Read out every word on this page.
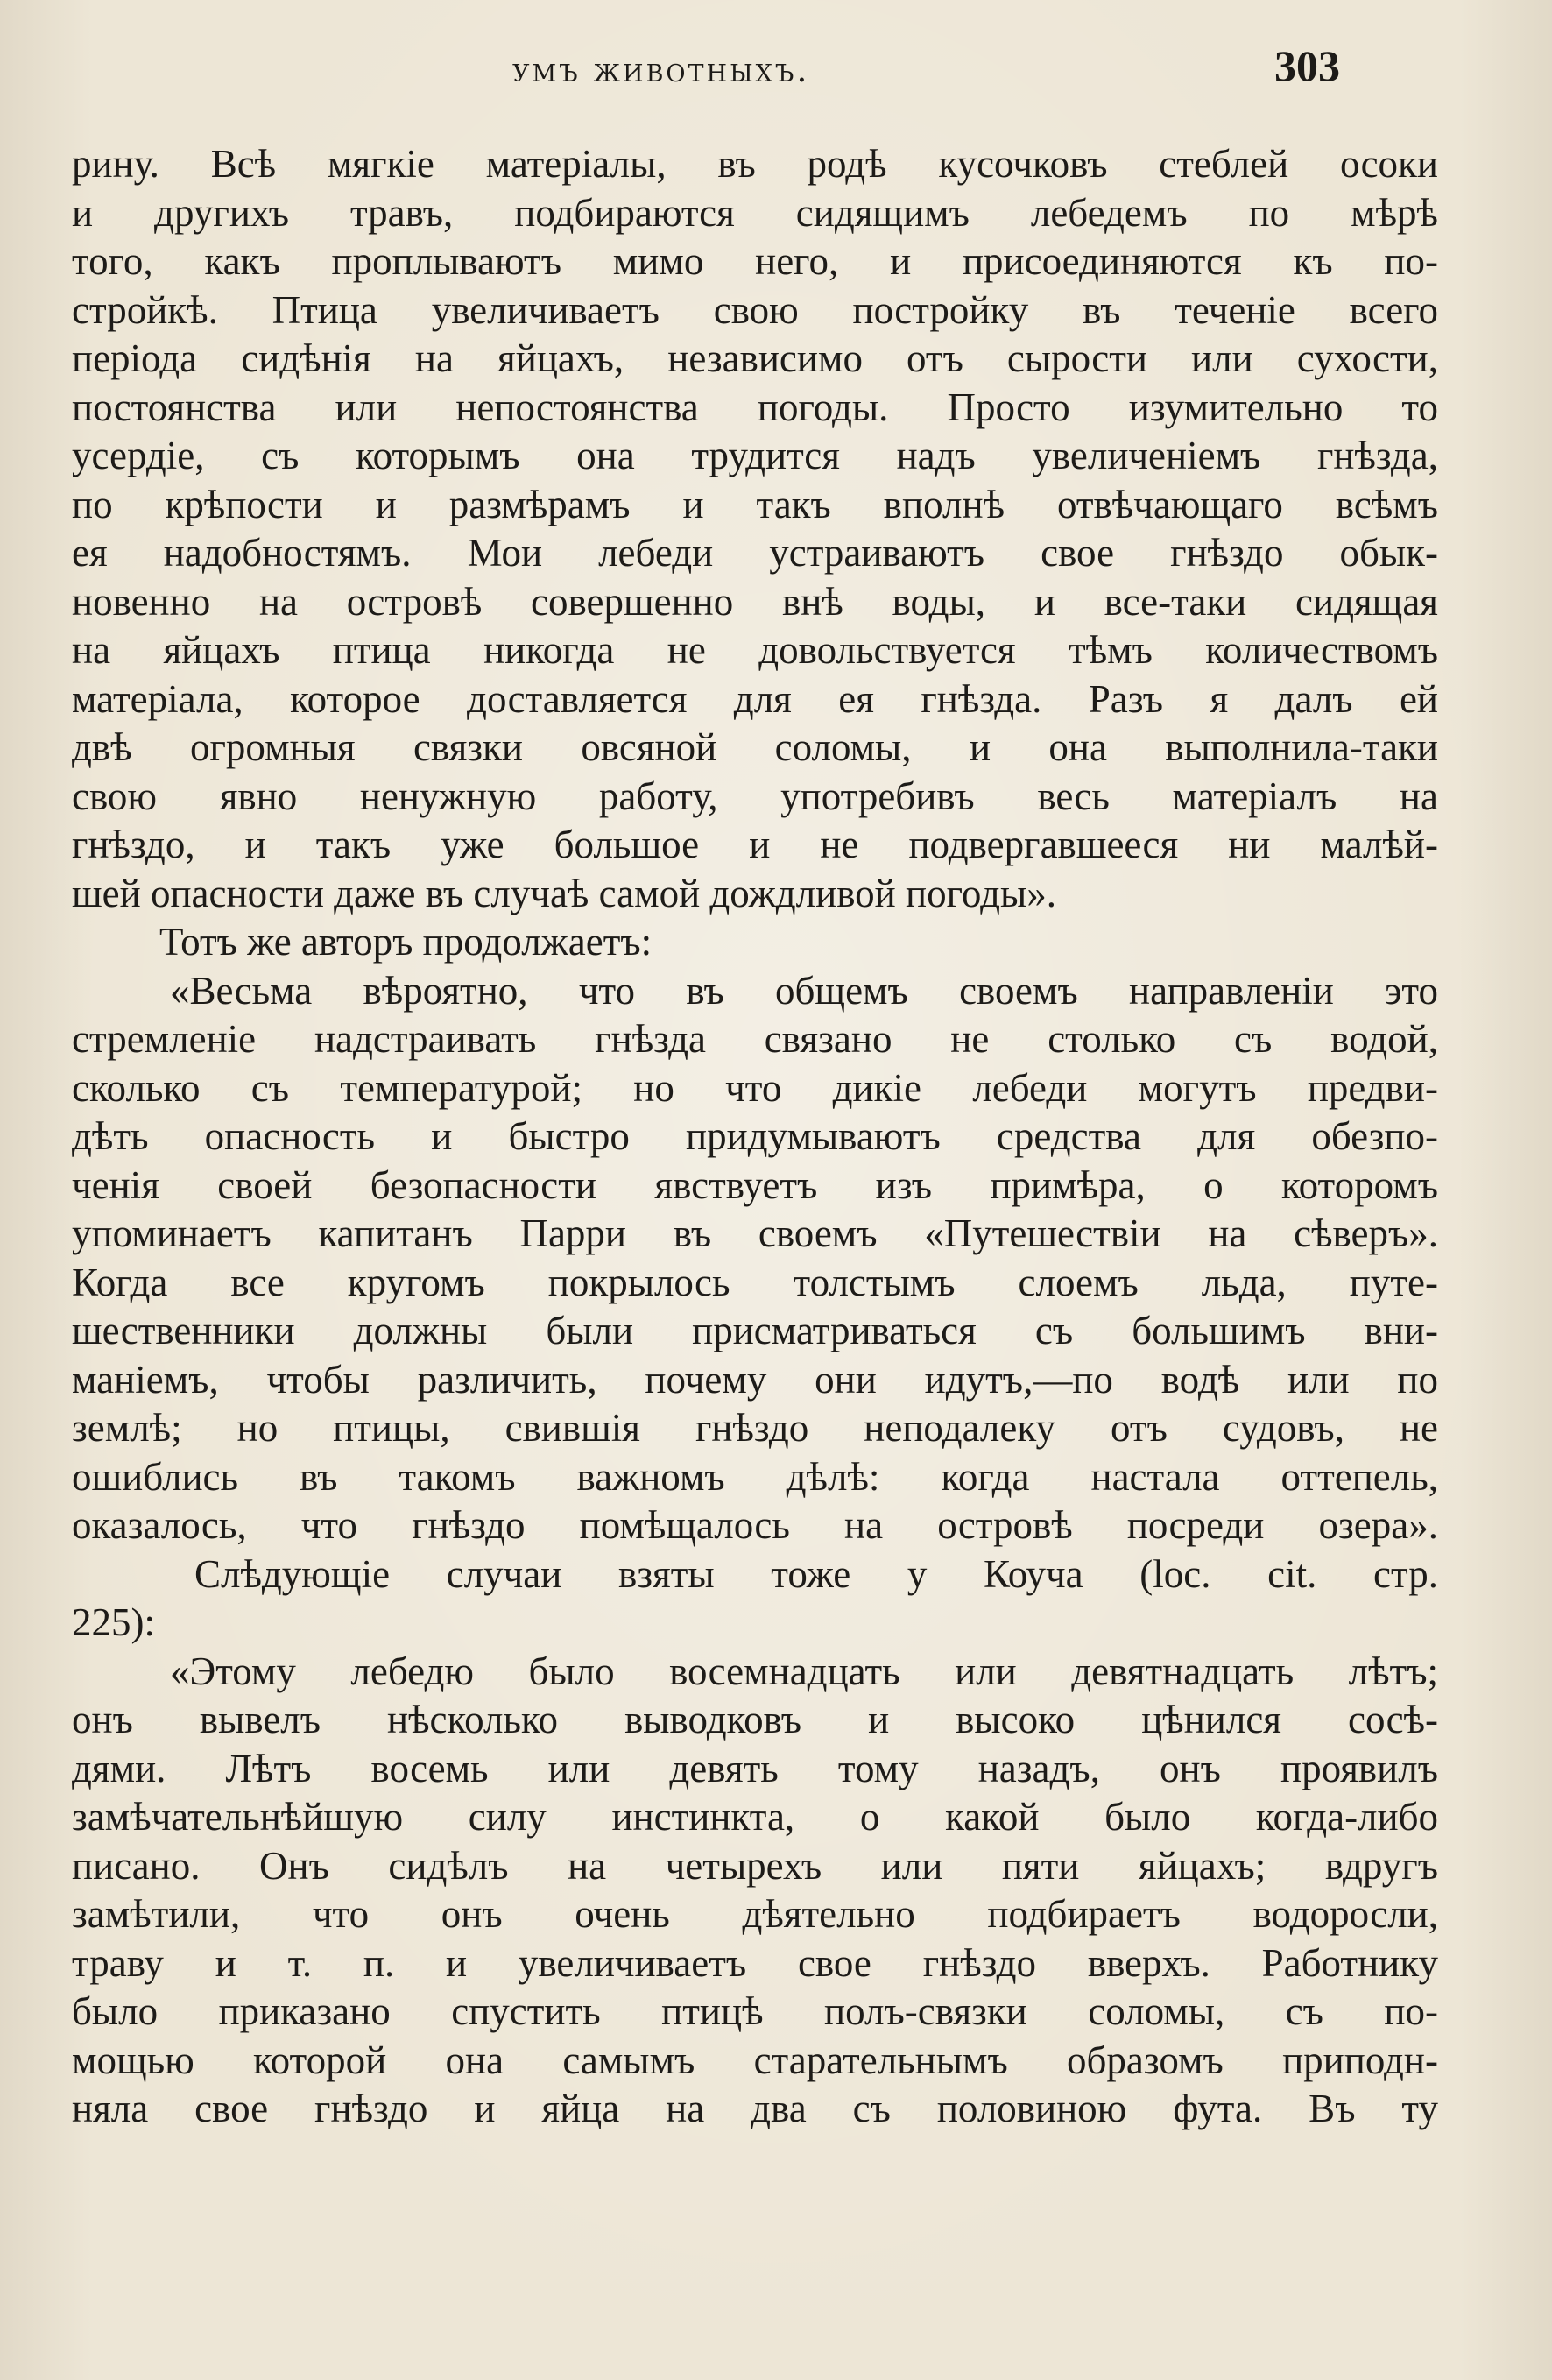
умъ животныхъ.	303
рину. Всѣ мягкіе матеріалы, въ родѣ кусочковъ стеблей осоки
и другихъ травъ, подбираются сидящимъ лебедемъ по мѣрѣ
того, какъ проплываютъ мимо него, и присоединяются къ по-
стройкѣ. Птица увеличиваетъ свою постройку въ теченіе всего
періода сидѣнія на яйцахъ, независимо отъ сырости или сухости,
постоянства или непостоянства погоды. Просто изумительно то
усердіе, съ которымъ она трудится надъ увеличеніемъ гнѣзда,
по крѣпости и размѣрамъ и такъ вполнѣ отвѣчающаго всѣмъ
ея надобностямъ. Мои лебеди устраиваютъ свое гнѣздо обык-
новенно на островѣ совершенно внѣ воды, и все-таки сидящая
на яйцахъ птица никогда не довольствуется тѣмъ количествомъ
матеріала, которое доставляется для ея гнѣзда. Разъ я далъ ей
двѣ огромныя связки овсяной соломы, и она выполнила-таки
свою явно ненужную работу, употребивъ весь матеріалъ на
гнѣздо, и такъ уже большое и не подвергавшееся ни малѣй-
шей опасности даже въ случаѣ самой дождливой погоды».
Тотъ же авторъ продолжаетъ:
«Весьма вѣроятно, что въ общемъ своемъ направленіи это
стремленіе надстраивать гнѣзда связано не столько съ водой,
сколько съ температурой; но что дикіе лебеди могутъ предви-
дѣть опасность и быстро придумываютъ средства для обезпо-
ченія своей безопасности явствуетъ изъ примѣра, о которомъ
упоминаетъ капитанъ Парри въ своемъ «Путешествіи на сѣверъ».
Когда все кругомъ покрылось толстымъ слоемъ льда, путе-
шественники должны были присматриваться съ большимъ вни-
маніемъ, чтобы различить, почему они идутъ,—по водѣ или по
землѣ; но птицы, свившія гнѣздо неподалеку отъ судовъ, не
ошиблись въ такомъ важномъ дѣлѣ: когда настала оттепель,
оказалось, что гнѣздо помѣщалось на островѣ посреди озера».
Слѣдующіе случаи взяты тоже у Коуча (loc. cit. стр.
225):
«Этому лебедю было восемнадцать или девятнадцать лѣтъ;
онъ вывелъ нѣсколько выводковъ и высоко цѣнился сосѣ-
дями. Лѣтъ восемь или девять тому назадъ, онъ проявилъ
замѣчательнѣйшую силу инстинкта, о какой было когда-либо
писано. Онъ сидѣлъ на четырехъ или пяти яйцахъ; вдругъ
замѣтили, что онъ очень дѣятельно подбираетъ водоросли,
траву и т. п. и увеличиваетъ свое гнѣздо вверхъ. Работнику
было приказано спустить птицѣ полъ-связки соломы, съ по-
мощью которой она самымъ старательнымъ образомъ приподн-
няла свое гнѣздо и яйца на два съ половиною фута. Въ ту
